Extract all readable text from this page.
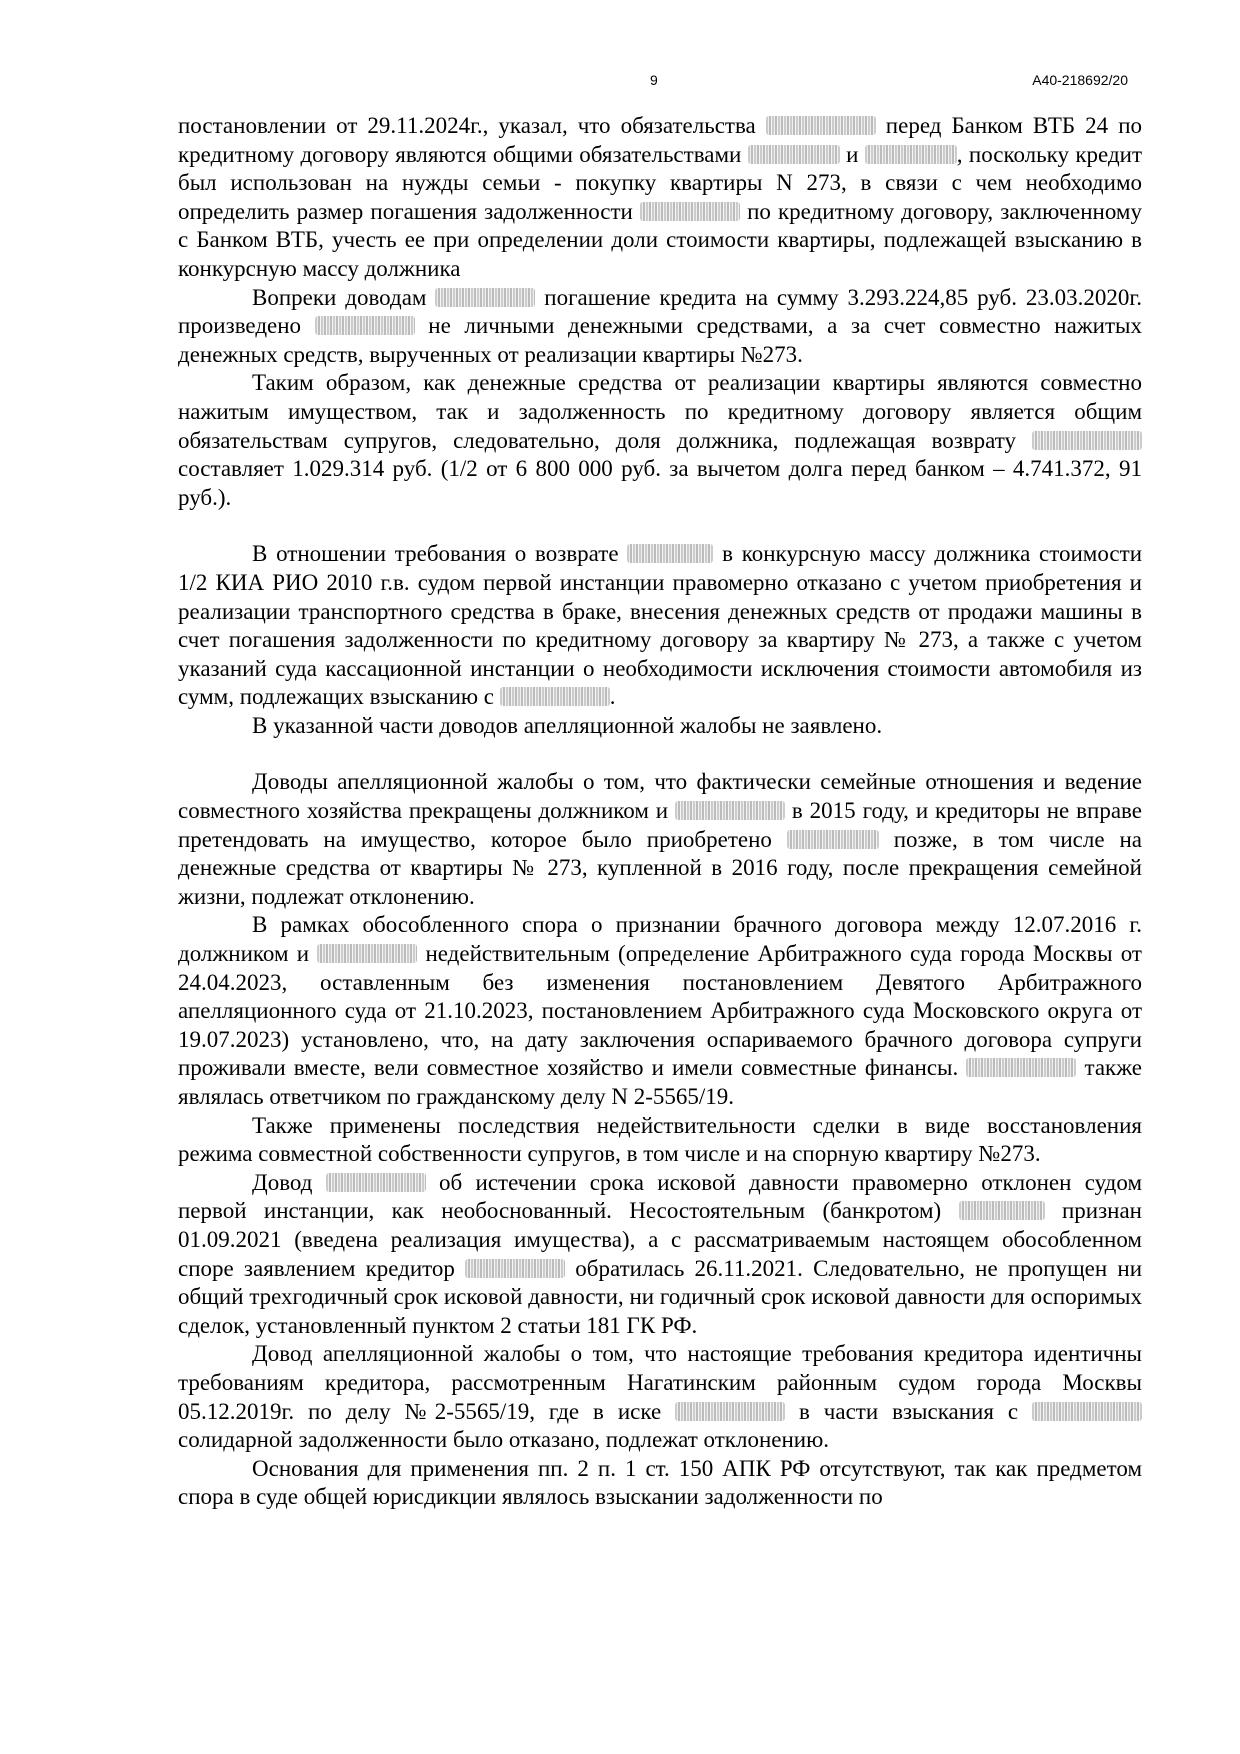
9	А40-218692/20

постановлении от 29.11.2024г., указал, что обязательства	перед Банком ВТБ 24 по кредитному договору являются общими обязательствами	и	, поскольку кредит был использован на нужды семьи - покупку квартиры N 273, в связи с чем необходимо определить размер погашения задолженности	по кредитному договору, заключенному с Банком ВТБ, учесть ее при определении доли стоимости квартиры, подлежащей взысканию в конкурсную массу должника

Вопреки доводам	погашение кредита на сумму 3.293.224,85 руб. 23.03.2020г. произведено	не личными денежными средствами, а за счет совместно нажитых денежных средств, вырученных от реализации квартиры №273.

Таким образом, как денежные средства от реализации квартиры являются совместно нажитым имуществом, так и задолженность по кредитному договору является общим обязательствам супругов, следовательно, доля должника, подлежащая возврату  составляет 1.029.314 руб. (1/2 от 6 800 000 руб. за вычетом долга перед банком – 4.741.372, 91 руб.).

В отношении требования о возврате	в конкурсную массу должника стоимости 1/2 КИА РИО 2010 г.в. судом первой инстанции правомерно отказано с учетом приобретения и реализации транспортного средства в браке, внесения денежных средств от продажи машины в счет погашения задолженности по кредитному договору за квартиру № 273, а также с учетом указаний суда кассационной инстанции о необходимости исключения стоимости автомобиля из сумм, подлежащих взысканию с	.

В указанной части доводов апелляционной жалобы не заявлено.

Доводы апелляционной жалобы о том, что фактически семейные отношения и ведение совместного хозяйства прекращены должником и	в 2015 году, и кредиторы не вправе претендовать на имущество, которое было приобретено	позже, в том числе на денежные средства от квартиры № 273, купленной в 2016 году, после прекращения семейной жизни, подлежат отклонению.

В рамках обособленного спора о признании брачного договора между 12.07.2016 г. должником и	недействительным (определение Арбитражного суда города Москвы от 24.04.2023, оставленным без изменения постановлением Девятого Арбитражного апелляционного суда от 21.10.2023, постановлением Арбитражного суда Московского округа от 19.07.2023) установлено, что, на дату заключения оспариваемого брачного договора супруги проживали вместе, вели совместное хозяйство и имели совместные финансы.	также являлась ответчиком по гражданскому делу N 2-5565/19.

Также применены последствия недействительности сделки в виде восстановления режима совместной собственности супругов, в том числе и на спорную квартиру №273.

Довод	об истечении срока исковой давности правомерно отклонен судом первой инстанции, как необоснованный. Несостоятельным (банкротом)	признан 01.09.2021 (введена реализация имущества), а с рассматриваемым настоящем обособленном споре заявлением кредитор	обратилась 26.11.2021. Следовательно, не пропущен ни общий трехгодичный срок исковой давности, ни годичный срок исковой давности для оспоримых сделок, установленный пунктом 2 статьи 181 ГК РФ.

Довод апелляционной жалобы о том, что настоящие требования кредитора идентичны требованиям кредитора, рассмотренным Нагатинским районным судом города Москвы 05.12.2019г. по делу №2-5565/19, где в иске	в части взыскания с  солидарной задолженности было отказано, подлежат отклонению.

Основания для применения пп. 2 п. 1 ст. 150 АПК РФ отсутствуют, так как предметом спора в суде общей юрисдикции являлось взыскании задолженности по
